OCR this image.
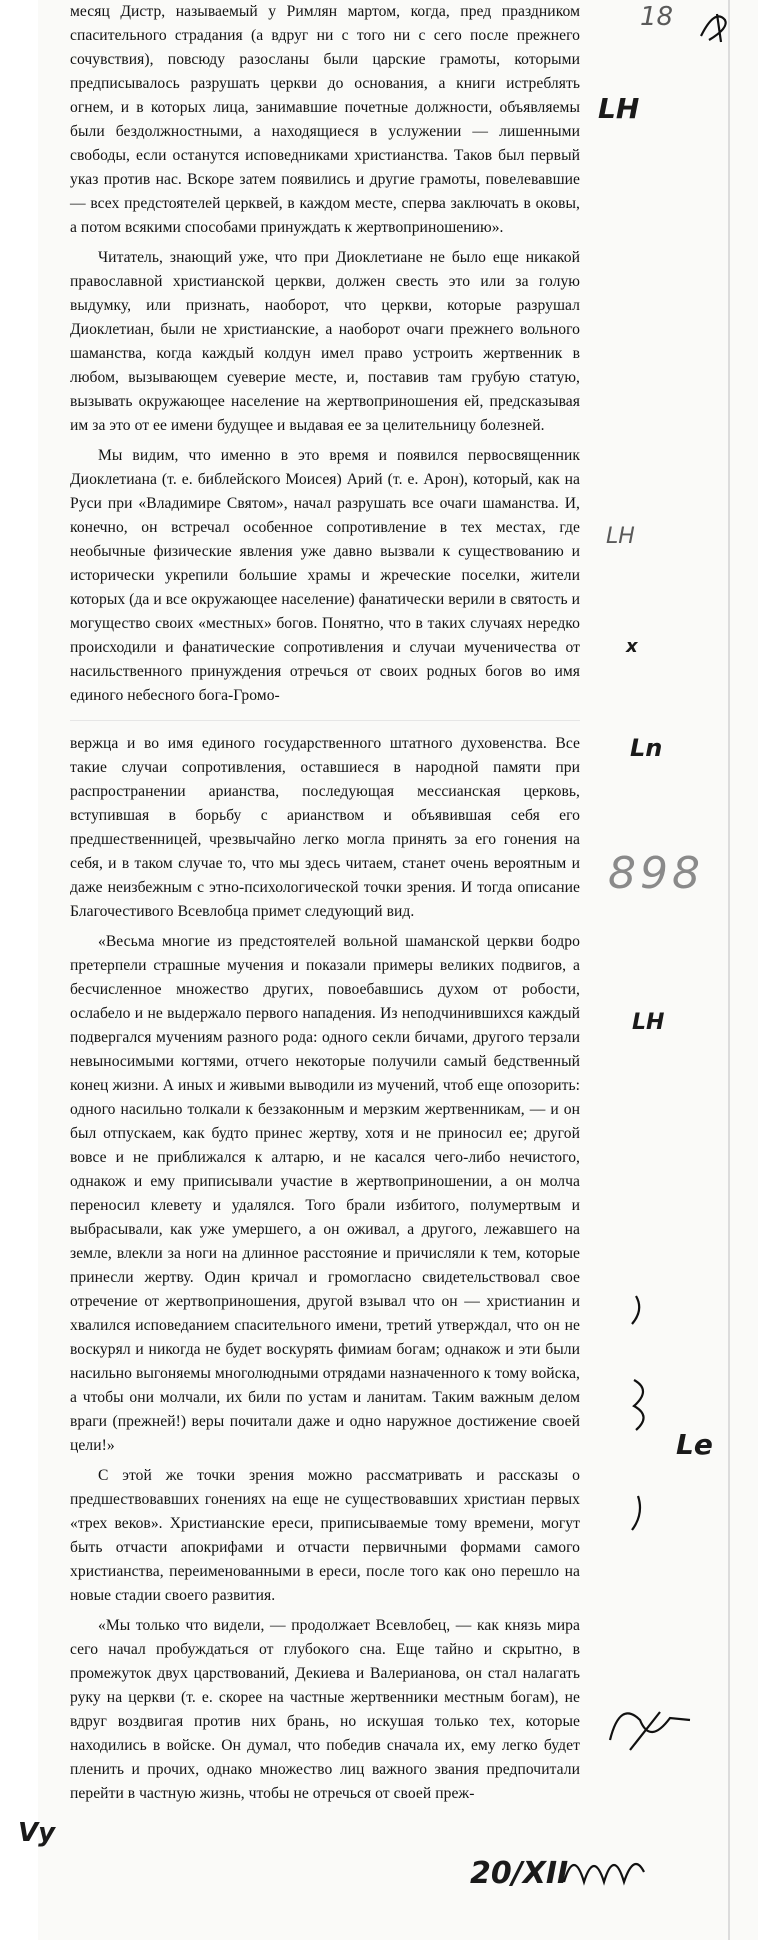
месяц Дистр, называемый у Римлян мартом, когда, пред праздником спасительного страдания (а вдруг ни с того ни с сего после прежнего сочувствия), повсюду разосланы были царские грамоты, которыми предписывалось разрушать церкви до основания, а книги истреблять огнем, и в которых лица, занимавшие почетные должности, объявляемы были бездолжностными, а находящиеся в услужении — лишенными свободы, если останутся исповедниками христианства. Таков был первый указ против нас. Вскоре затем появились и другие грамоты, повелевавшие — всех предстоятелей церквей, в каждом месте, сперва заключать в оковы, а потом всякими способами принуждать к жертвоприношению».

Читатель, знающий уже, что при Диоклетиане не было еще никакой православной христианской церкви, должен свесть это или за голую выдумку, или признать, наоборот, что церкви, которые разрушал Диоклетиан, были не христианские, а наоборот очаги прежнего вольного шаманства, когда каждый колдун имел право устроить жертвенник в любом, вызывающем суеверие месте, и, поставив там грубую статую, вызывать окружающее население на жертвоприношения ей, предсказывая им за это от ее имени будущее и выдавая ее за целительницу болезней.

Мы видим, что именно в это время и появился первосвященник Диоклетиана (т. е. библейского Моисея) Арий (т. е. Арон), который, как на Руси при «Владимире Святом», начал разрушать все очаги шаманства. И, конечно, он встречал особенное сопротивление в тех местах, где необычные физические явления уже давно вызвали к существованию и исторически укрепили большие храмы и жреческие поселки, жители которых (да и все окружающее население) фанатически верили в святость и могущество своих «местных» богов. Понятно, что в таких случаях нередко происходили и фанатические сопротивления и случаи мученичества от насильственного принуждения отречься от своих родных богов во имя единого небесного бога-Громо-

вержца и во имя единого государственного штатного духовенства. Все такие случаи сопротивления, оставшиеся в народной памяти при распространении арианства, последующая мессианская церковь, вступившая в борьбу с арианством и объявившая себя его предшественницей, чрезвычайно легко могла принять за его гонения на себя, и в таком случае то, что мы здесь читаем, станет очень вероятным и даже неизбежным с этно-психологической точки зрения. И тогда описание Благочестивого Всевлобца примет следующий вид.

«Весьма многие из предстоятелей вольной шаманской церкви бодро претерпели страшные мучения и показали примеры великих подвигов, а бесчисленное множество других, повоебавшись духом от робости, ослабело и не выдержало первого нападения. Из неподчинившихся каждый подвергался мучениям разного рода: одного секли бичами, другого терзали невыносимыми когтями, отчего некоторые получили самый бедственный конец жизни. А иных и живыми выводили из мучений, чтоб еще опозорить: одного насильно толкали к беззаконным и мерзким жертвенникам, — и он был отпускаем, как будто принес жертву, хотя и не приносил ее; другой вовсе и не приближался к алтарю, и не касался чего-либо нечистого, однакож и ему приписывали участие в жертвоприношении, а он молча переносил клевету и удалялся. Того брали избитого, полумертвым и выбрасывали, как уже умершего, а он оживал, а другого, лежавшего на земле, влекли за ноги на длинное расстояние и причисляли к тем, которые принесли жертву. Один кричал и громогласно свидетельствовал свое отречение от жертвоприношения, другой взывал что он — христианин и хвалился исповеданием спасительного имени, третий утверждал, что он не воскурял и никогда не будет воскурять фимиам богам; однакож и эти были насильно выгоняемы многолюдными отрядами назначенного к тому войска, а чтобы они молчали, их били по устам и ланитам. Таким важным делом враги (прежней!) веры почитали даже и одно наружное достижение своей цели!»

С этой же точки зрения можно рассматривать и рассказы о предшествовавших гонениях на еще не существовавших христиан первых «трех веков». Христианские ереси, приписываемые тому времени, могут быть отчасти апокрифами и отчасти первичными формами самого христианства, переименованными в ереси, после того как оно перешло на новые стадии своего развития.

«Мы только что видели, — продолжает Всевлобец, — как князь мира сего начал пробуждаться от глубокого сна. Еще тайно и скрытно, в промежуток двух царствований, Декиева и Валерианова, он стал налагать руку на церкви (т. е. скорее на частные жертвенники местным богам), не вдруг воздвигая против них брань, но искушая только тех, которые находились в войске. Он думал, что победив сначала их, ему легко будет пленить и прочих, однако множество лиц важного звания предпочитали перейти в частную жизнь, чтобы не отречься от своей преж-

18
LH
LH
x
Ln
898
LH
Le
Vy
20/XII
